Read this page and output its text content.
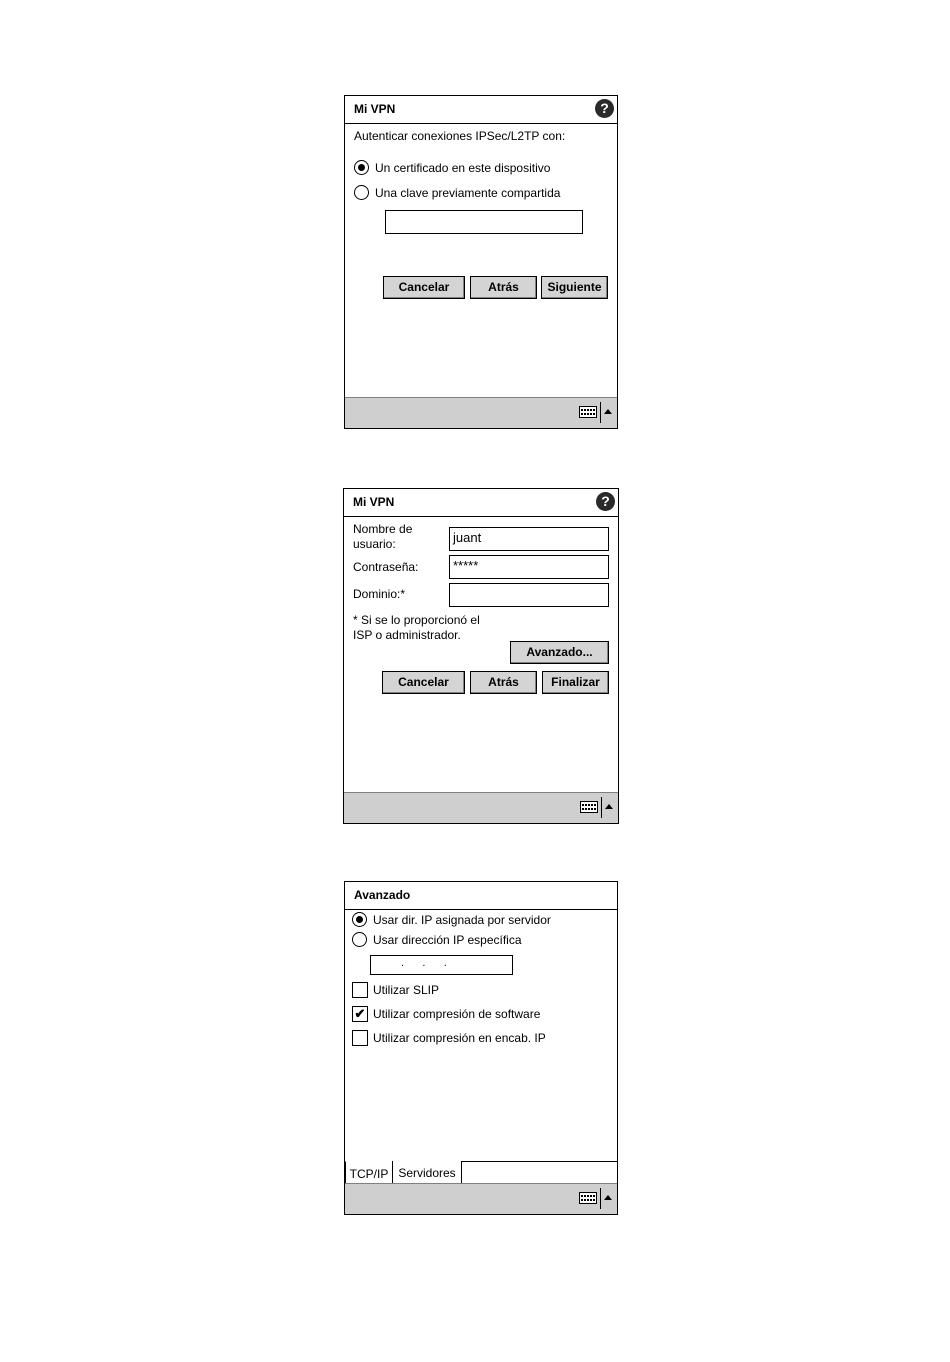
Mi VPN	?
Autenticar conexiones IPSec/L2TP con:
Un certificado en este dispositivo
Una clave previamente compartida
Cancelar	Atrás	Siguiente
Mi VPN	?
Nombre de
usuario:	juant
Contraseña:	*****
Dominio:*
* Si se lo proporcionó el
ISP o administrador.
Avanzado...
Cancelar	Atrás	Finalizar
Avanzado
Usar dir. IP asignada por servidor
Usar dirección IP específica
.      .      .
Utilizar SLIP
✔ Utilizar compresión de software
Utilizar compresión en encab. IP
TCP/IP Servidores
